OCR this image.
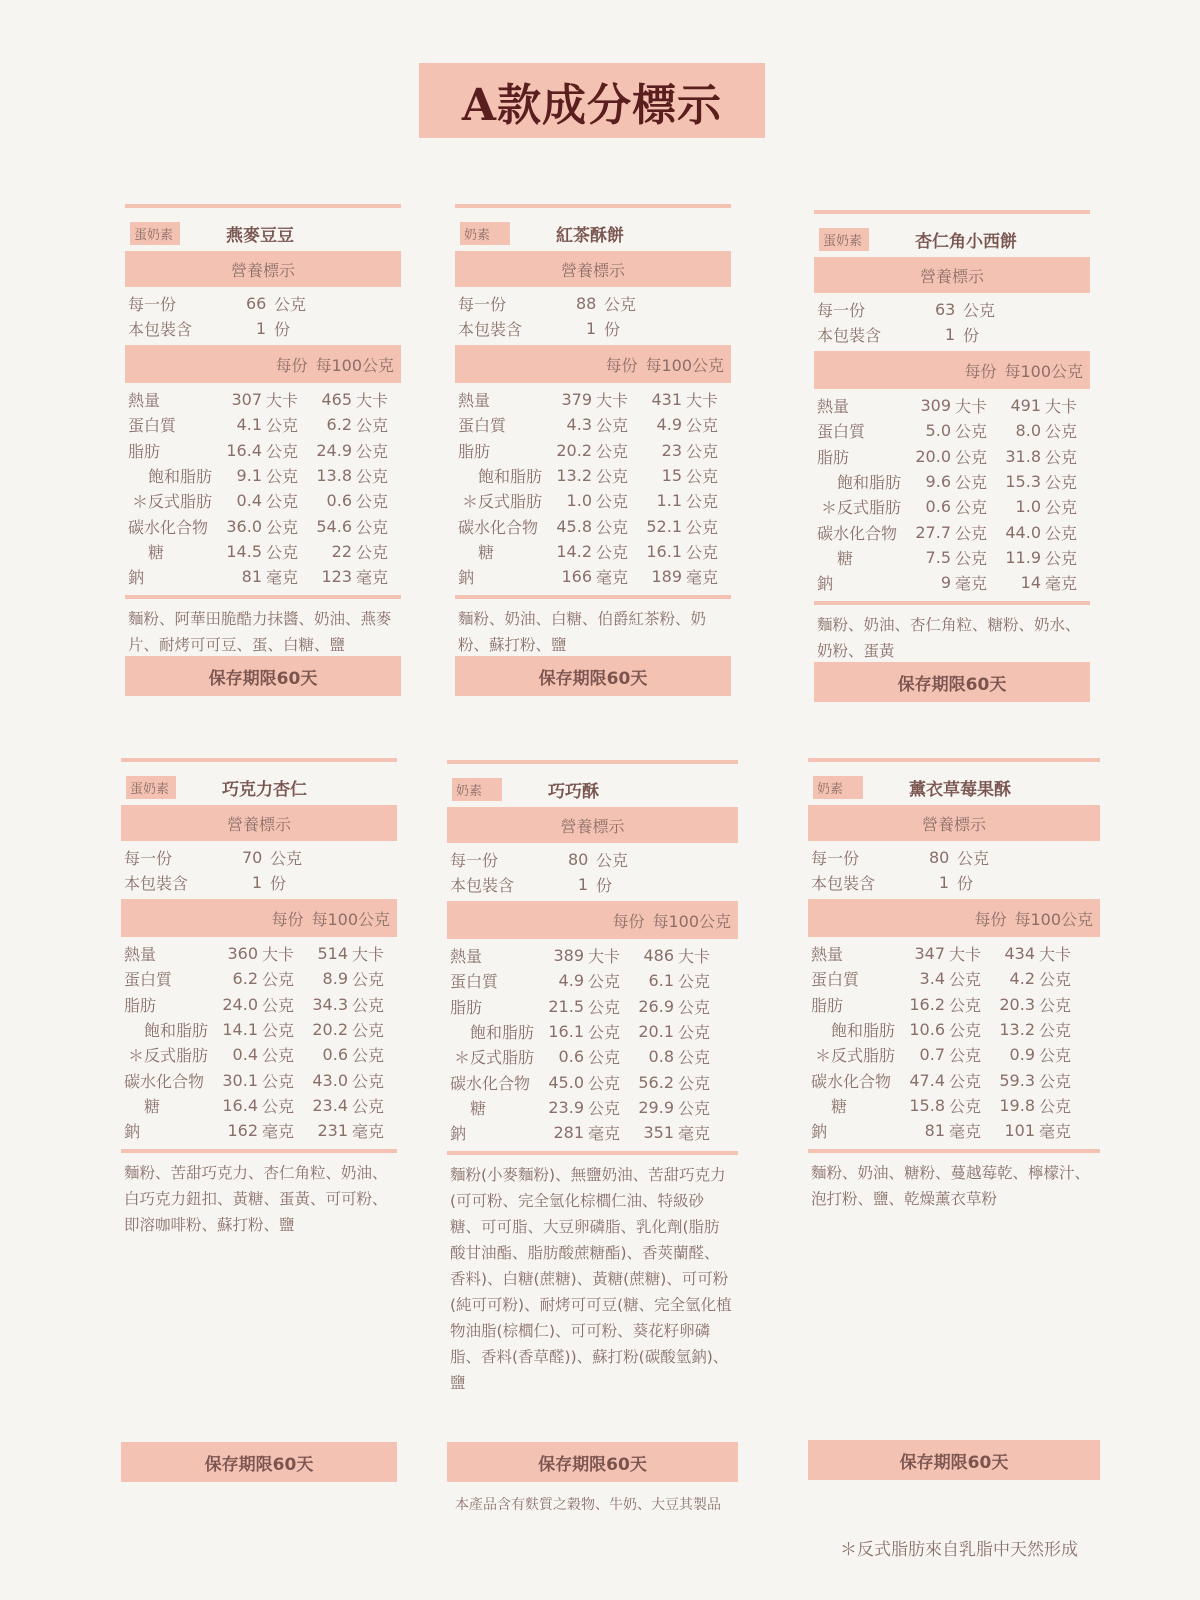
A款成分標示
蛋奶素	燕麥豆豆
營養標示
每一份	66 公克
本包裝含	1 份
每份 每100公克
熱量	307 大卡	465 大卡
蛋白質	4.1 公克	6.2 公克
脂肪	16.4 公克	24.9 公克
飽和脂肪	9.1 公克	13.8 公克
＊反式脂肪	0.4 公克	0.6 公克
碳水化合物	36.0 公克	54.6 公克
糖	14.5 公克	22 公克
鈉	81 毫克	123 毫克
麵粉、阿華田脆酷力抹醬、奶油、燕麥片、耐烤可可豆、蛋、白糖、鹽
奶素	紅茶酥餅
營養標示
每一份	88 公克
本包裝含	1 份
每份 每100公克
熱量	379 大卡	431 大卡
蛋白質	4.3 公克	4.9 公克
脂肪	20.2 公克	23 公克
飽和脂肪 13.2 公克	15 公克
＊反式脂肪	1.0 公克	1.1 公克
碳水化合物	45.8 公克	52.1 公克
糖	14.2 公克	16.1 公克
鈉	166 毫克	189 毫克
麵粉、奶油、白糖、伯爵紅茶粉、奶粉、蘇打粉、鹽
蛋奶素	杏仁角小西餅
營養標示
每一份	63 公克
本包裝含	1 份
每份 每100公克
熱量	309 大卡	491 大卡
蛋白質	5.0 公克	8.0 公克
脂肪	20.0 公克	31.8 公克
飽和脂肪	9.6 公克	15.3 公克
＊反式脂肪	0.6 公克	1.0 公克
碳水化合物	27.7 公克	44.0 公克
糖	7.5 公克	11.9 公克
鈉	9 毫克	14 毫克
麵粉、奶油、杏仁角粒、糖粉、奶水、奶粉、蛋黃
蛋奶素	巧克力杏仁
營養標示
每一份	70 公克
本包裝含	1 份
每份 每100公克
熱量	360 大卡	514 大卡
蛋白質	6.2 公克	8.9 公克
脂肪	24.0 公克	34.3 公克
飽和脂肪 14.1 公克	20.2 公克
＊反式脂肪	0.4 公克	0.6 公克
碳水化合物	30.1 公克	43.0 公克
糖	16.4 公克	23.4 公克
鈉	162 毫克	231 毫克
麵粉、苦甜巧克力、杏仁角粒、奶油、白巧克力鈕扣、黃糖、蛋黃、可可粉、即溶咖啡粉、蘇打粉、鹽
奶素	巧巧酥
營養標示
每一份	80 公克
本包裝含	1 份
每份 每100公克
熱量	389 大卡	486 大卡
蛋白質	4.9 公克	6.1 公克
脂肪	21.5 公克	26.9 公克
飽和脂肪 16.1 公克	20.1 公克
＊反式脂肪	0.6 公克	0.8 公克
碳水化合物	45.0 公克	56.2 公克
糖	23.9 公克	29.9 公克
鈉	281 毫克	351 毫克
麵粉(小麥麵粉)、無鹽奶油、苦甜巧克力(可可粉、完全氫化棕櫚仁油、特級砂糖、可可脂、大豆卵磷脂、乳化劑(脂肪酸甘油酯、脂肪酸蔗糖酯)、香莢蘭醛、香料)、白糖(蔗糖)、黃糖(蔗糖)、可可粉(純可可粉)、耐烤可可豆(糖、完全氫化植物油脂(棕櫚仁)、可可粉、葵花籽卵磷脂、香料(香草醛))、蘇打粉(碳酸氫鈉)、鹽
奶素	薰衣草莓果酥
營養標示
每一份	80 公克
本包裝含	1 份
每份 每100公克
熱量	347 大卡	434 大卡
蛋白質	3.4 公克	4.2 公克
脂肪	16.2 公克	20.3 公克
飽和脂肪 10.6 公克	13.2 公克
＊反式脂肪	0.7 公克	0.9 公克
碳水化合物	47.4 公克	59.3 公克
糖	15.8 公克	19.8 公克
鈉	81 毫克	101 毫克
麵粉、奶油、糖粉、蔓越莓乾、檸檬汁、泡打粉、鹽、乾燥薰衣草粉
保存期限60天	保存期限60天	保存期限60天
保存期限60天	保存期限60天	保存期限60天
本產品含有麩質之穀物、牛奶、大豆其製品
＊反式脂肪來自乳脂中天然形成
